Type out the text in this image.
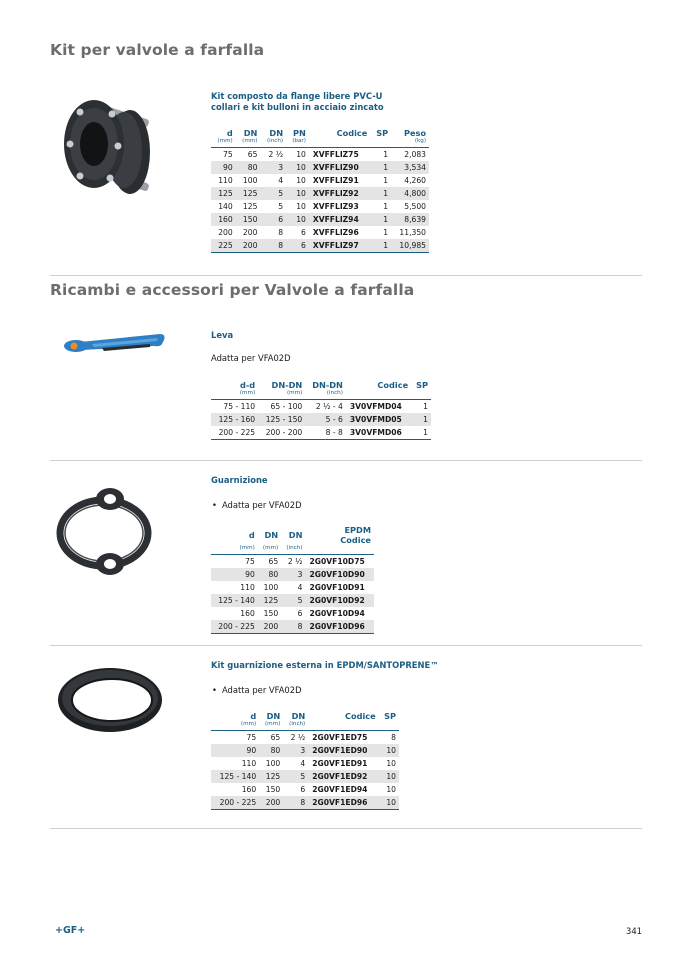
Kit per valvole a farfalla
Kit composto da flange libere PVC-U
collari e kit bulloni in acciaio zincato
d	DN	DN	PN	Codice	SP	Peso
(mm)	(mm)	(inch)	(bar)			(kg)
75	65	2 ½	10	XVFFLIZ75	1	2,083
90	80	3	10	XVFFLIZ90	1	3,534
110	100	4	10	XVFFLIZ91	1	4,260
125	125	5	10	XVFFLIZ92	1	4,800
140	125	5	10	XVFFLIZ93	1	5,500
160	150	6	10	XVFFLIZ94	1	8,639
200	200	8	6	XVFFLIZ96	1	11,350
225	200	8	6	XVFFLIZ97	1	10,985
Ricambi e accessori per Valvole a farfalla
Leva
Adatta per VFA02D
d-d	DN-DN	DN-DN	Codice	SP
(mm)	(mm)	(inch)		
75 - 110	65 - 100	2 ½ - 4	3V0VFMD04	1
125 - 160	125 - 150	5 - 6	3V0VFMD05	1
200 - 225	200 - 200	8 - 8	3V0VFMD06	1
Guarnizione
• Adatta per VFA02D
d	DN	DN	EPDM
Codice

(mm)	(mm)	(inch)	
75	65	2 ½	2G0VF10D75
90	80	3	2G0VF10D90
110	100	4	2G0VF10D91
125 - 140	125	5	2G0VF10D92
160	150	6	2G0VF10D94
200 - 225	200	8	2G0VF10D96
Kit guarnizione esterna in EPDM/SANTOPRENE™
• Adatta per VFA02D
d	DN	DN	Codice	SP
(mm)	(mm)	(inch)		
75	65	2 ½	2G0VF1ED75	8
90	80	3	2G0VF1ED90	10
110	100	4	2G0VF1ED91	10
125 - 140	125	5	2G0VF1ED92	10
160	150	6	2G0VF1ED94	10
200 - 225	200	8	2G0VF1ED96	10
+GF+	341
